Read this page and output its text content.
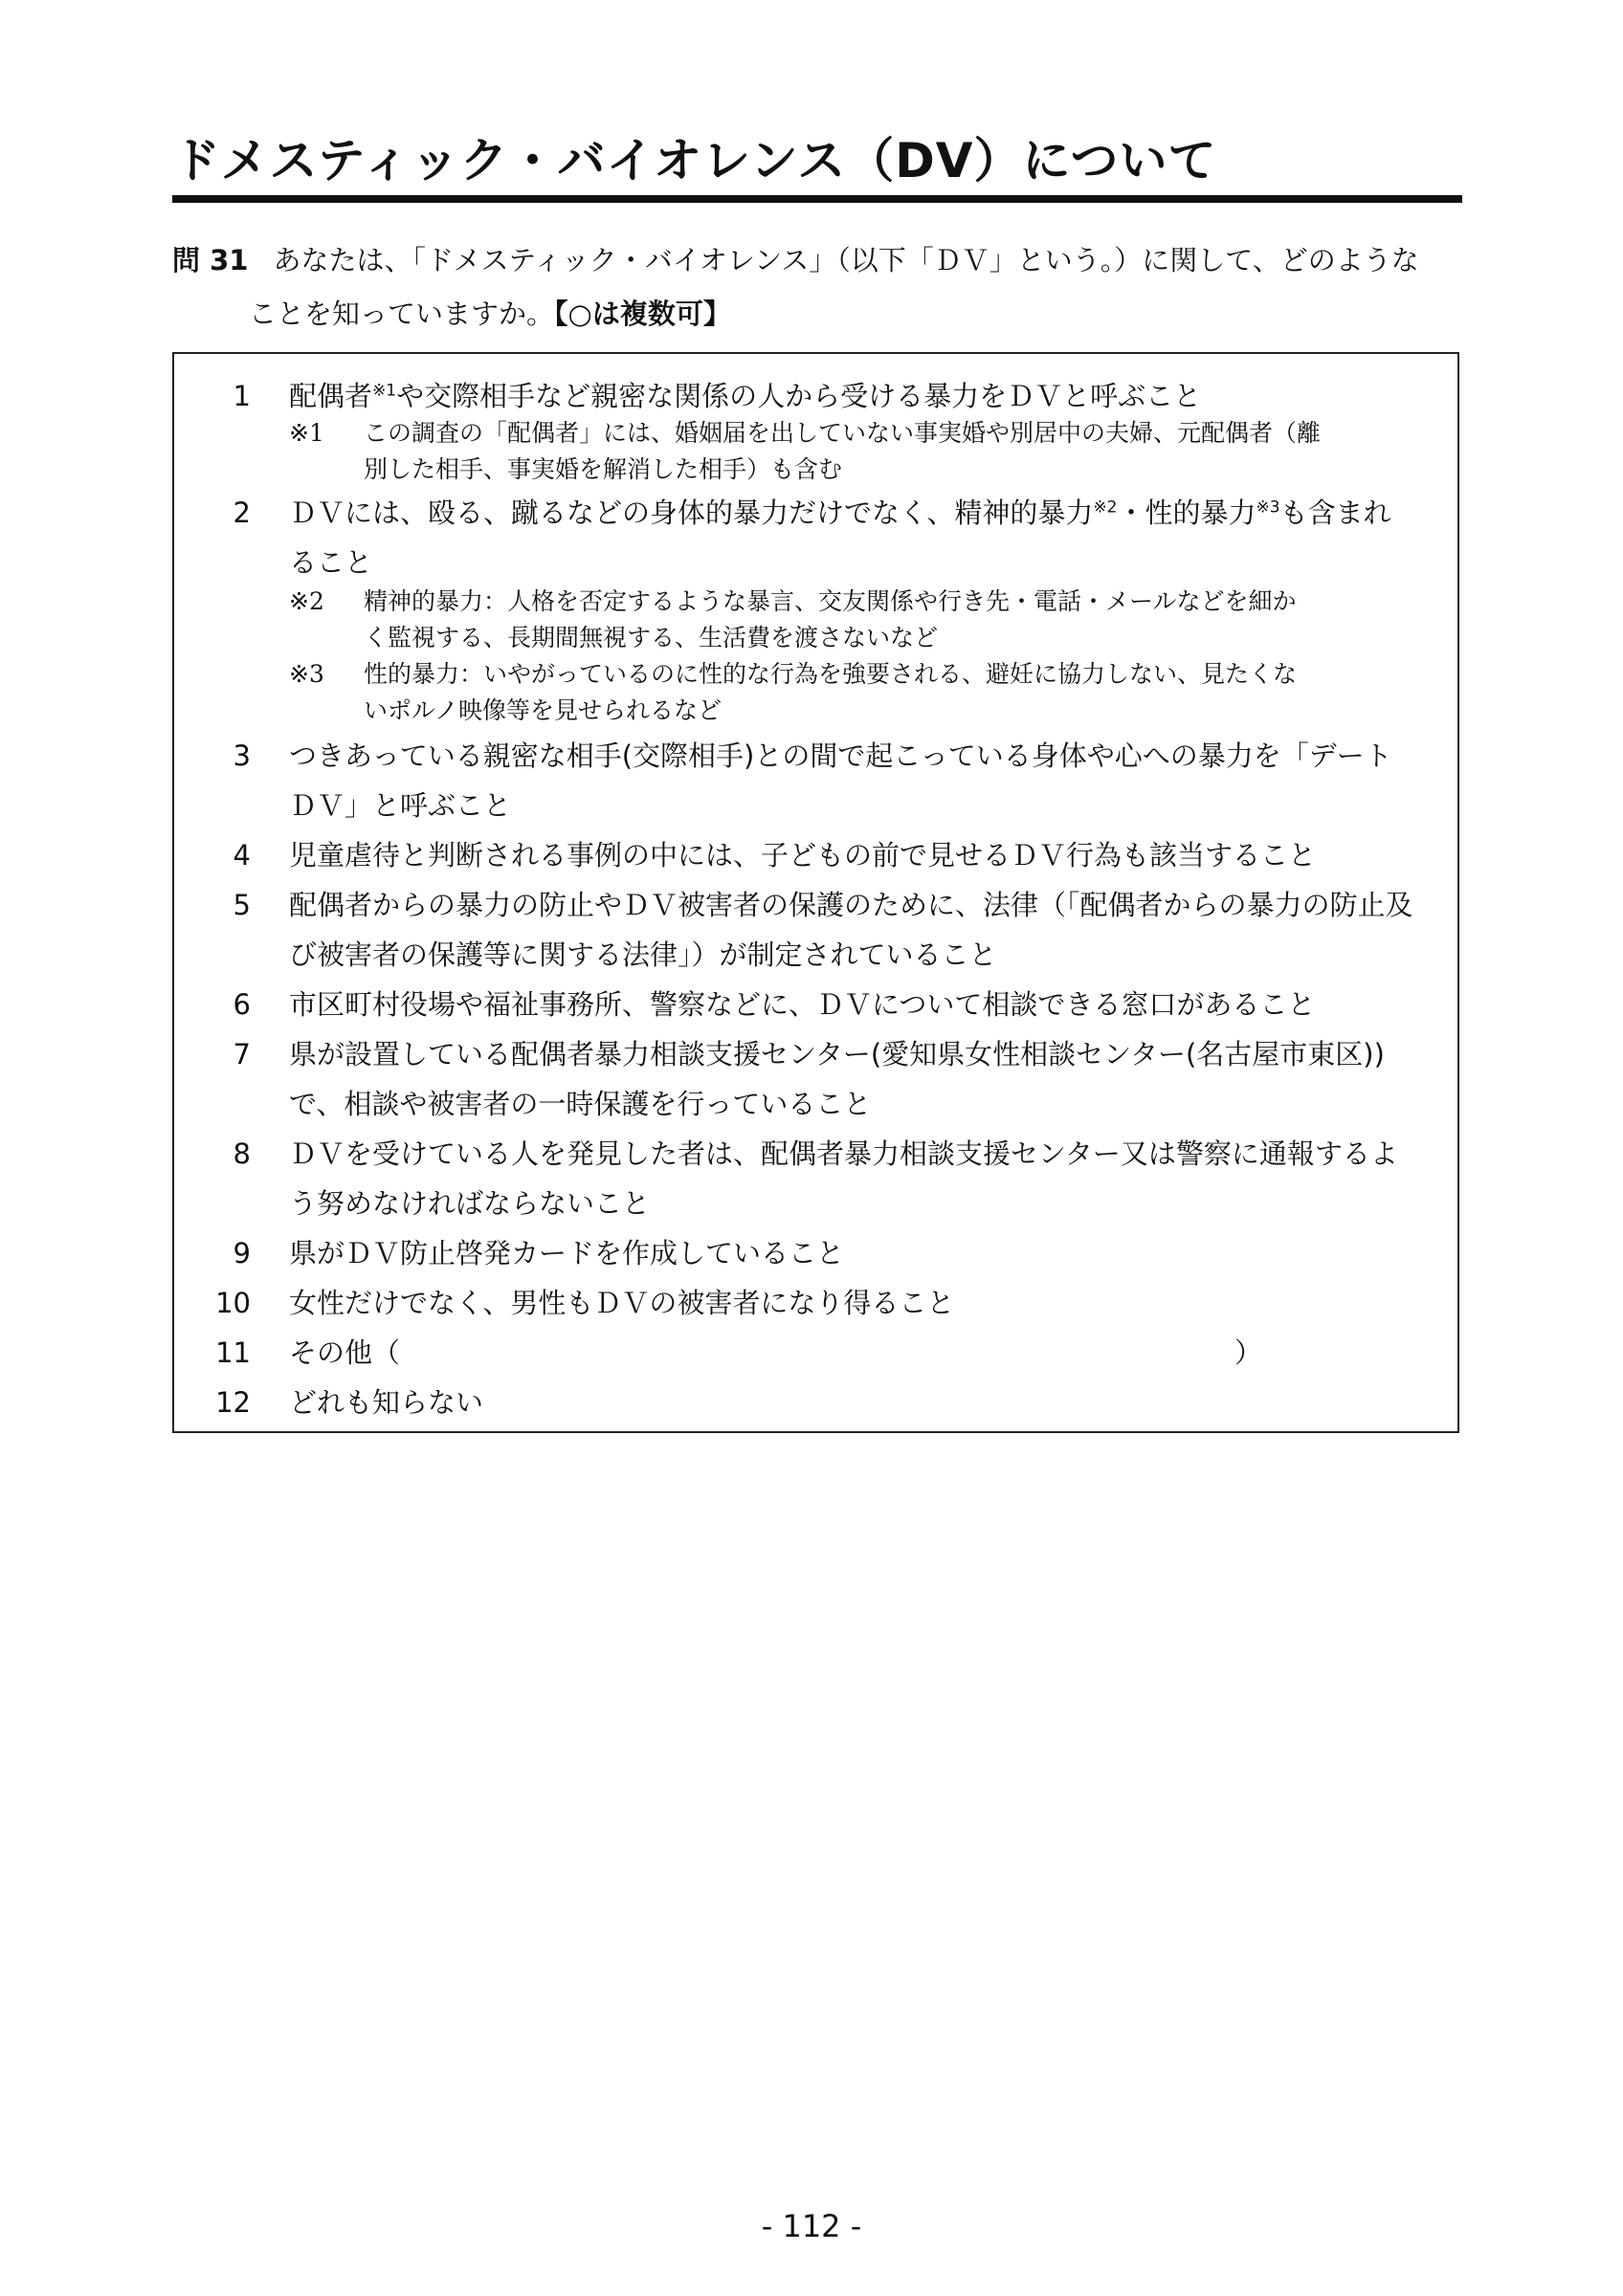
ドメスティック・バイオレンス（DV）について
問 31 あなたは、「ドメスティック・バイオレンス」（以下「ＤＶ」という。）に関して、どのような
ことを知っていますか。【○は複数可】
1 配偶者$^{※1}$や交際相手など親密な関係の人から受ける暴力をＤＶと呼ぶこと
※1 この調査の「配偶者」には、婚姻届を出していない事実婚や別居中の夫婦、元配偶者（離
別した相手、事実婚を解消した相手）も含む
2 ＤＶには、殴る、蹴るなどの身体的暴力だけでなく、精神的暴力$^{※2}$・性的暴力$^{※3}$も含まれ
ること
※2 精神的暴力：人格を否定するような暴言、交友関係や行き先・電話・メールなどを細か
く監視する、長期間無視する、生活費を渡さないなど
※3 性的暴力：いやがっているのに性的な行為を強要される、避妊に協力しない、見たくな
いポルノ映像等を見せられるなど
3 つきあっている親密な相手(交際相手)との間で起こっている身体や心への暴力を「デート
ＤＶ」と呼ぶこと
4 児童虐待と判断される事例の中には、子どもの前で見せるＤＶ行為も該当すること
5 配偶者からの暴力の防止やＤＶ被害者の保護のために、法律（「配偶者からの暴力の防止及
び被害者の保護等に関する法律」）が制定されていること
6 市区町村役場や福祉事務所、警察などに、ＤＶについて相談できる窓口があること
7 県が設置している配偶者暴力相談支援センター(愛知県女性相談センター(名古屋市東区))
で、相談や被害者の一時保護を行っていること
8 ＤＶを受けている人を発見した者は、配偶者暴力相談支援センター又は警察に通報するよ
う努めなければならないこと
9 県がＤＶ防止啓発カードを作成していること
10 女性だけでなく、男性もＤＶの被害者になり得ること
11 その他（	）
12 どれも知らない
- 112 -
